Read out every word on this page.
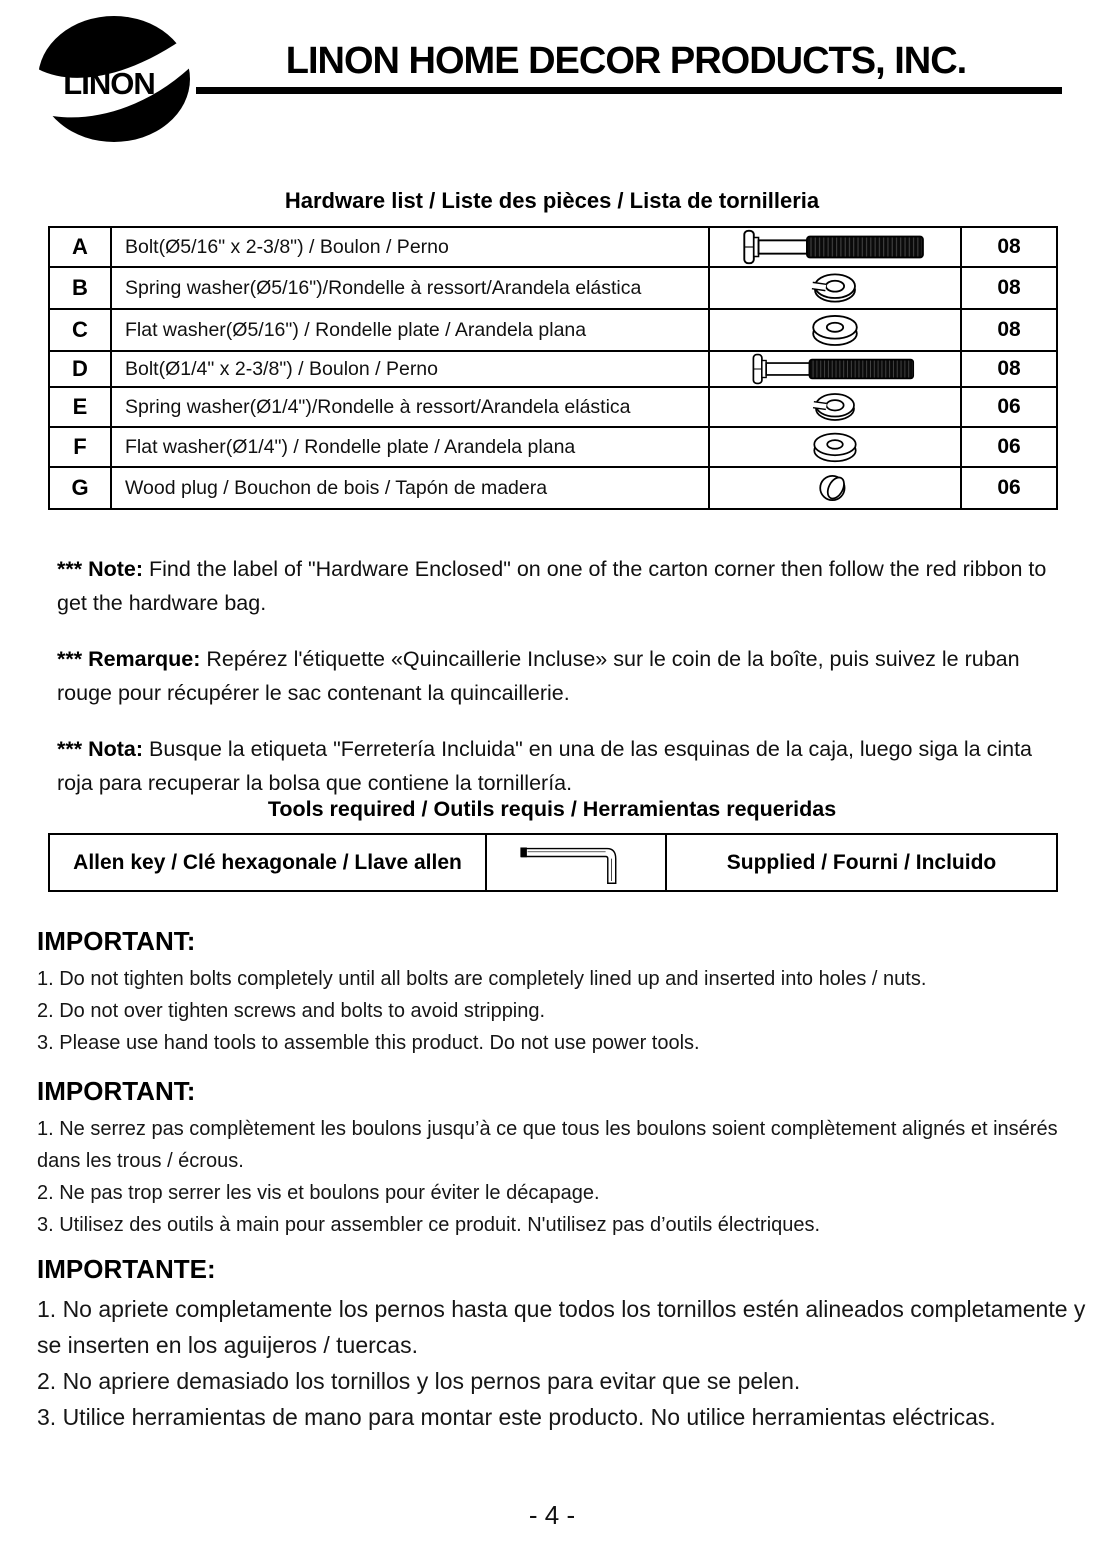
LINON
LINON HOME DECOR PRODUCTS, INC.
Hardware list / Liste des pièces / Lista de tornilleria
A	Bolt(Ø5/16" x 2-3/8") / Boulon / Perno	08
B	Spring washer(Ø5/16")/Rondelle à ressort/Arandela elástica	08
C	Flat washer(Ø5/16") / Rondelle plate / Arandela plana	08
D	Bolt(Ø1/4" x 2-3/8") / Boulon / Perno	08
E	Spring washer(Ø1/4")/Rondelle à ressort/Arandela elástica	06
F	Flat washer(Ø1/4") / Rondelle plate / Arandela plana	06
G	Wood plug / Bouchon de bois / Tapón de madera	06

*** Note: Find the label of "Hardware Enclosed" on one of the carton corner then follow the red ribbon to get the hardware bag.

*** Remarque: Repérez l'étiquette «Quincaillerie Incluse» sur le coin de la boîte, puis suivez le ruban rouge pour récupérer le sac contenant la quincaillerie.

*** Nota: Busque la etiqueta "Ferretería Incluida" en una de las esquinas de la caja, luego siga la cinta roja para recuperar la bolsa que contiene la tornillería.

Tools required / Outils requis / Herramientas requeridas
Allen key / Clé hexagonale / Llave allen	Supplied / Fourni / Incluido
IMPORTANT:

1. Do not tighten bolts completely until all bolts are completely lined up and inserted into holes / nuts.

2. Do not over tighten screws and bolts to avoid stripping.

3. Please use hand tools to assemble this product. Do not use power tools.

IMPORTANT:

1. Ne serrez pas complètement les boulons jusqu’à ce que tous les boulons soient complètement alignés et insérés dans les trous / écrous.

2. Ne pas trop serrer les vis et boulons pour éviter le décapage.

3. Utilisez des outils à main pour assembler ce produit. N'utilisez pas d’outils électriques.

IMPORTANTE:

1. No apriete completamente los pernos hasta que todos los tornillos estén alineados completamente y se inserten en los aguijeros / tuercas.

2. No apriere demasiado los tornillos y los pernos para evitar que se pelen.

3. Utilice herramientas de mano para montar este producto. No utilice herramientas eléctricas.

- 4 -
